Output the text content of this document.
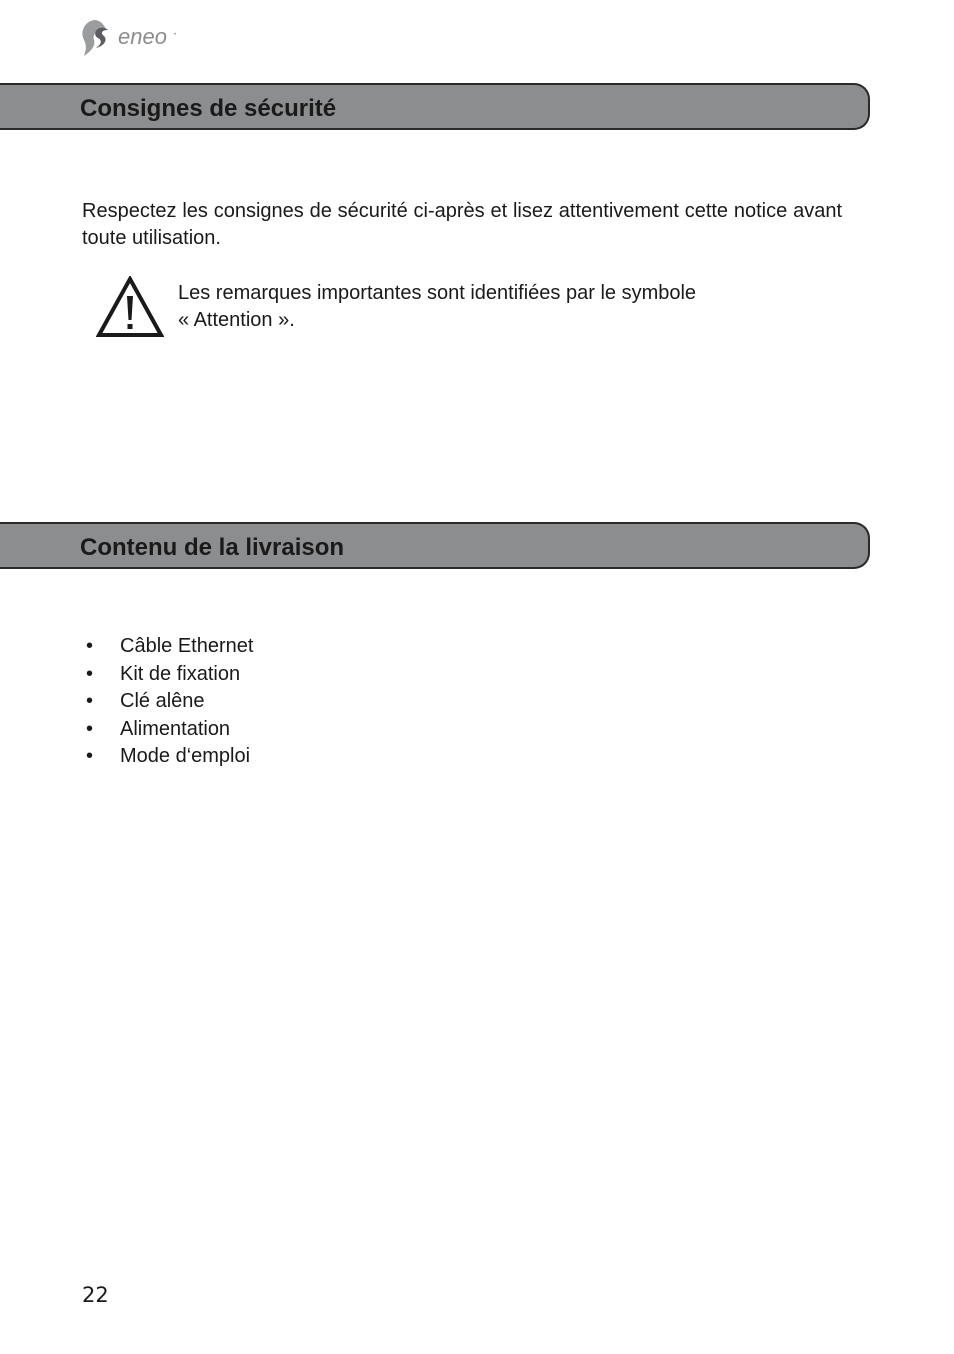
eneo •
Consignes de sécurité

Respectez les consignes de sécurité ci-après et lisez attentivement cette notice avant toute utilisation.

Les remarques importantes sont identifiées par le symbole
« Attention ».

Contenu de la livraison
• Câble Ethernet
• Kit de fixation
• Clé alêne
• Alimentation
• Mode d‘emploi

22
